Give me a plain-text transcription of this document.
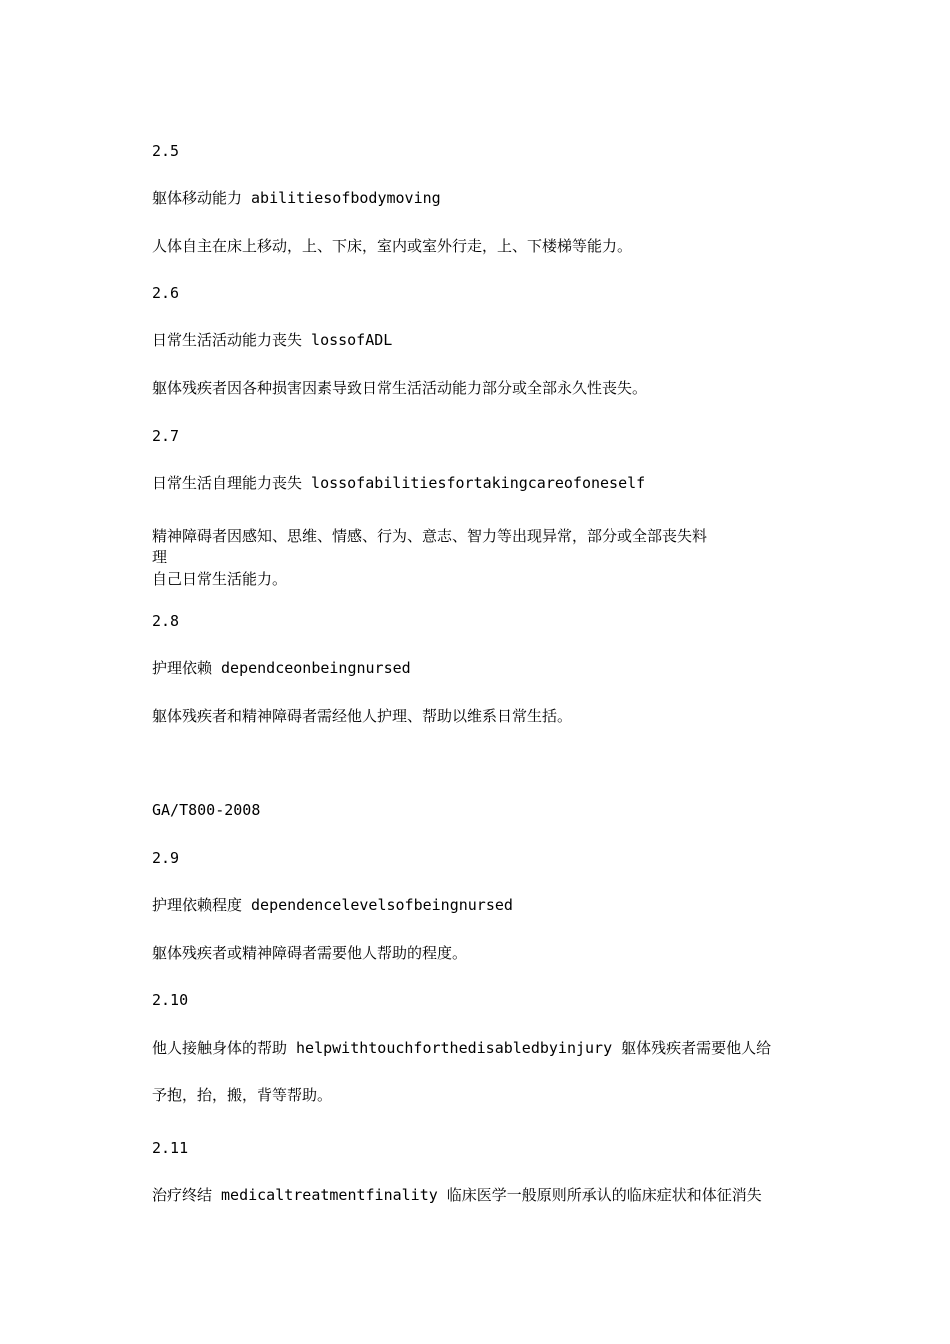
2.5
躯体移动能力 abilitiesofbodymoving
人体自主在床上移动，上、下床，室内或室外行走，上、下楼梯等能力。
2.6
日常生活活动能力丧失 lossofADL
躯体残疾者因各种损害因素导致日常生活活动能力部分或全部永久性丧失。
2.7
日常生活自理能力丧失 lossofabilitiesfortakingcareofoneself
精神障碍者因感知、思维、情感、行为、意志、智力等出现异常，部分或全部丧失料
理
自己日常生活能力。
2.8
护理依赖 dependceonbeingnursed
躯体残疾者和精神障碍者需经他人护理、帮助以维系日常生括。
GA/T800-2008
2.9
护理依赖程度 dependencelevelsofbeingnursed
躯体残疾者或精神障碍者需要他人帮助的程度。
2.10
他人接触身体的帮助 helpwithtouchforthedisabledbyinjury 躯体残疾者需要他人给
予抱，抬，搬，背等帮助。
2.11
治疗终结 medicaltreatmentfinality 临床医学一般原则所承认的临床症状和体征消失
